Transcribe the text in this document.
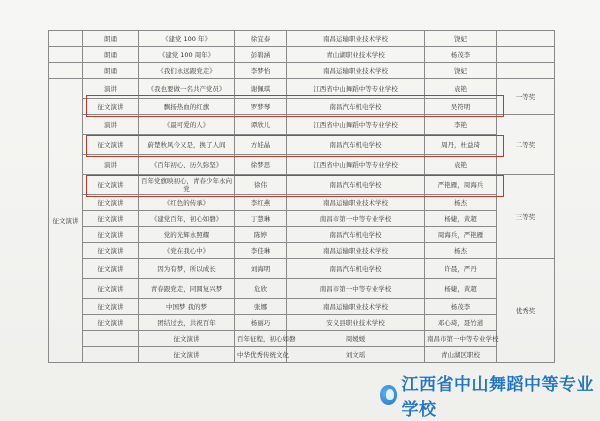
	朗诵	《建党 100 年》	徐宜泰	南昌运输职业技术学校	饶妃		
	朗诵	《建党 100 周年》	彭碧涵	青山湖职业技术学校	杨茂李		
	朗诵	《我们永远跟党走》	李梦怡	南昌运输职业技术学校	饶妃		
征文演讲	演讲	《我也要做一名共产党员》	谢佩琪	江西省中山舞蹈中等专业学校	袁艳	一等奖	
	征文演讲	飘扬热血的红旗	罗梦琴	南昌汽车机电学校	吴符明		
	演讲	《最可爱的人》	谭欣儿	江西省中山舞蹈中等专业学校	李艳	二等奖	
	征文演讲	蔚楚秋风今又是，换了人间	方娃晶	南昌汽车机电学校	周丹，杜益琦		
	演讲	《百年初心、历久弥坚》	徐梦思	江西省中山舞蹈中等专业学校	袁艳		
	征文演讲	百年党旗映初心，青春少年永向党	徐伟	南昌汽车机电学校	严艳雁，周海兵	三等奖	
	征文演讲	《红色的传承》	李红燕	南昌运输职业技术学校	杨杰		
	征文演讲	《建党百年，初心如磐》	丁慧琳	南昌市第一中等专业学校	杨婕，黄超		
	征文演讲	党的光辉永照耀	陈婷	南昌汽车机电学校	周海兵，严艳雁		
	征文演讲	《党在我心中》	李佳琳	南昌运输职业技术学校	杨杰		
	征文演讲	因为有梦，所以成长	刘海明	南昌汽车机电学校	许晨，严丹	优秀奖	
	征文演讲	青春跟党走，同圆复兴梦	危欣	南昌市第一中等专业学校	杨婕，黄超		
	征文演讲	中国梦 我的梦	张娜	南昌运输职业技术学校	杨茂李		
	征文演讲	团结过去，共祝百年	杨丽巧	安义县职业技术学校	邓心琦，聂竹道		
		征文演讲	百年征程，初心如磐	周媛媛	南昌市第一中等专业学校	
		征文演讲	中华优秀传统文化	刘文瑶	青山湖区职校	
江西省中山舞蹈中等专业学校
